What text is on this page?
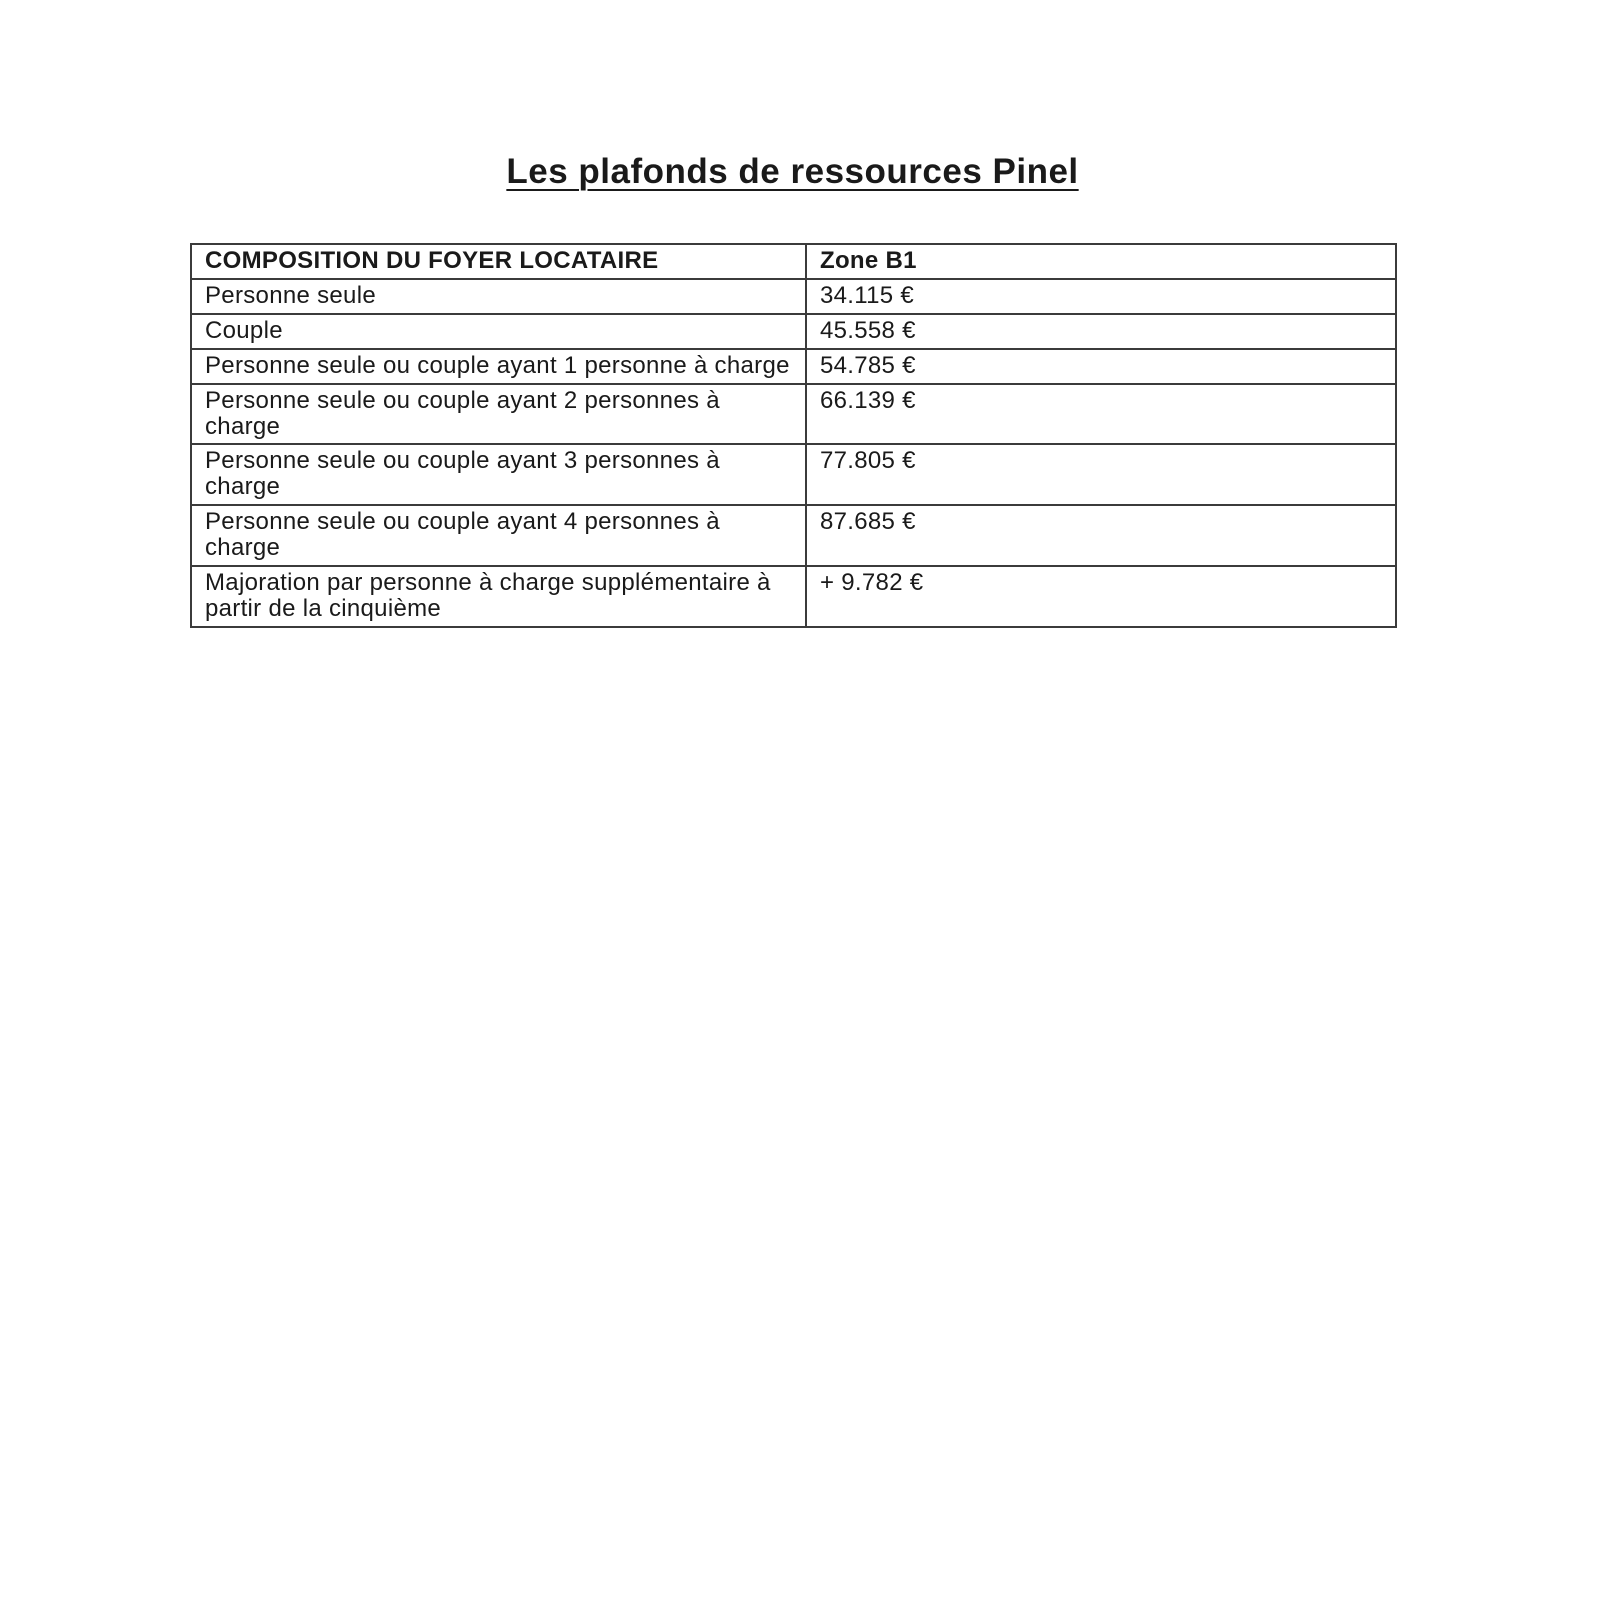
Les plafonds de ressources Pinel
COMPOSITION DU FOYER LOCATAIRE	Zone B1
Personne seule	34.115 €
Couple	45.558 €
Personne seule ou couple ayant 1 personne à charge	54.785 €
Personne seule ou couple ayant 2 personnes à charge	66.139 €
Personne seule ou couple ayant 3 personnes à charge	77.805 €
Personne seule ou couple ayant 4 personnes à charge	87.685 €
Majoration par personne à charge supplémentaire à partir de la cinquième	+ 9.782 €
